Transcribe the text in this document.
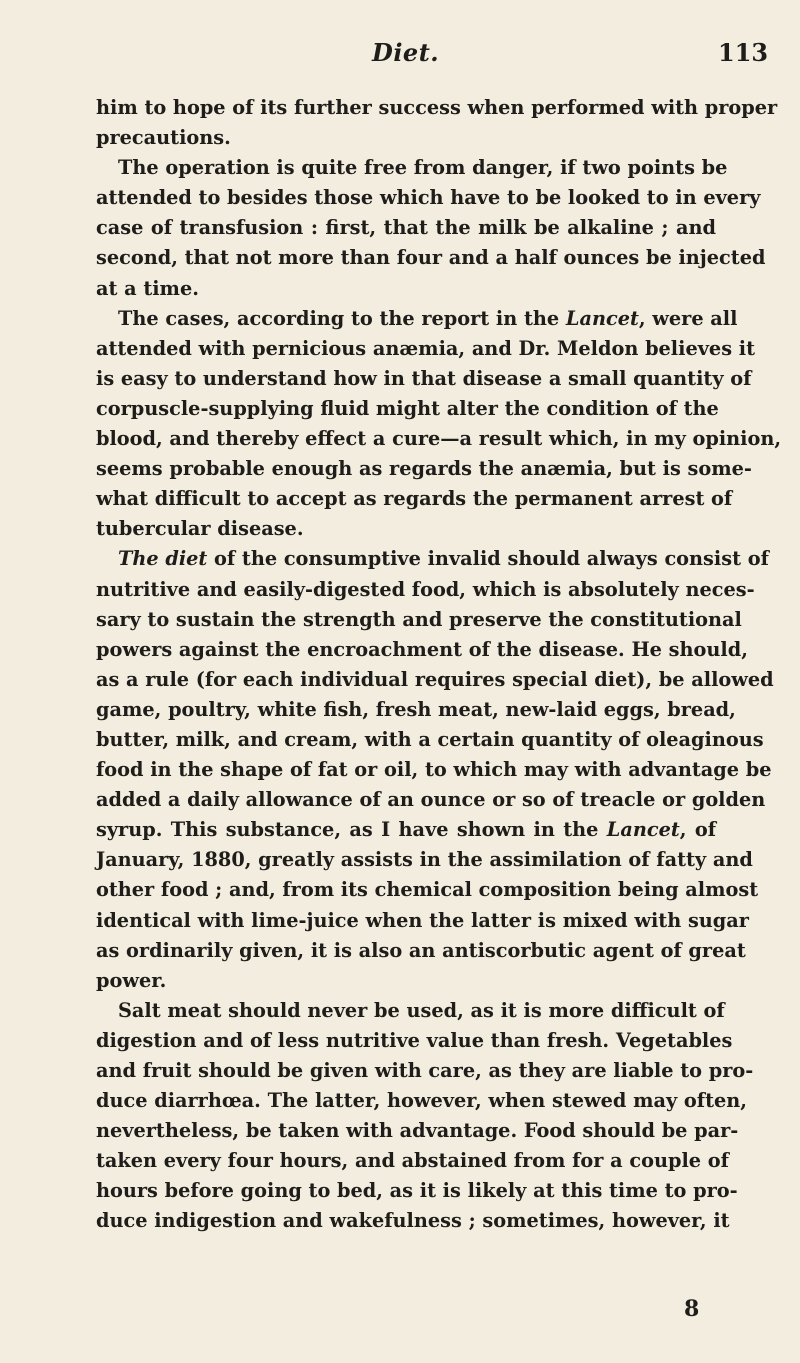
Diet.	113
him to hope of its further success when performed with proper
precautions.
The operation is quite free from danger, if two points be
attended to besides those which have to be looked to in every
case of transfusion : first, that the milk be alkaline ; and
second, that not more than four and a half ounces be injected
at a time.
The cases, according to the report in the Lancet, were all
attended with pernicious anæmia, and Dr. Meldon believes it
is easy to understand how in that disease a small quantity of
corpuscle-supplying fluid might alter the condition of the
blood, and thereby effect a cure—a result which, in my opinion,
seems probable enough as regards the anæmia, but is some-
what difficult to accept as regards the permanent arrest of
tubercular disease.
The diet of the consumptive invalid should always consist of
nutritive and easily-digested food, which is absolutely neces-
sary to sustain the strength and preserve the constitutional
powers against the encroachment of the disease. He should,
as a rule (for each individual requires special diet), be allowed
game, poultry, white fish, fresh meat, new-laid eggs, bread,
butter, milk, and cream, with a certain quantity of oleaginous
food in the shape of fat or oil, to which may with advantage be
added a daily allowance of an ounce or so of treacle or golden
syrup. This substance, as I have shown in the Lancet, of
January, 1880, greatly assists in the assimilation of fatty and
other food ; and, from its chemical composition being almost
identical with lime-juice when the latter is mixed with sugar
as ordinarily given, it is also an antiscorbutic agent of great
power.
Salt meat should never be used, as it is more difficult of
digestion and of less nutritive value than fresh. Vegetables
and fruit should be given with care, as they are liable to pro-
duce diarrhœa. The latter, however, when stewed may often,
nevertheless, be taken with advantage. Food should be par-
taken every four hours, and abstained from for a couple of
hours before going to bed, as it is likely at this time to pro-
duce indigestion and wakefulness ; sometimes, however, it
8
